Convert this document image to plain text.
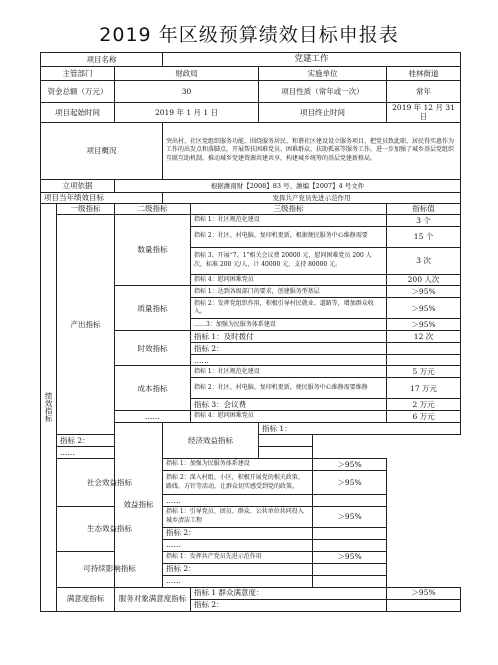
2019 年区级预算绩效目标申报表
项目名称			党建工作					
主管部门		财政局			实施单位		桂林街道	
资金总额（万元）		30			项目性质（常年或一次）		常年	
项目起始时间		2019 年 1 月 1 日			项目终止时间		2019 年 12 月 31 日	
项目概况			突出村、社区党组织服务功能，围绕服务居民、和谐社区建设设立服务项目，把党员致此职、居民得实惠作为工作的出发点和落脚点，开展帮扶困难党员、困难群众、扶助孤寡等服务工作，进一步加强了城乡基层党组织互联互助机制，推动城乡党建资源共建共享，构建城乡统筹的基层党建新格局。					
立项依据		根据潍南财【2008】83 号、潍编【2007】4 号文件						
项目当年绩效目标			发挥共产党员先进示范作用					
绩效指标	一级指标	二级指标		三级指标			指标值	
	产出指标	数量指标		指标 1：社区规范化建设			3 个	
				指标 2：社区、村电脑、复印机更新，根据便民服务中心维修需要			15 个	
				指标 3、开展“7、1”相关会议费 20000 元，慰问困难党员 200 人次，标准 200 元/人，计 40000 元，支持 80000 元。			3 次	
				指标 4：慰问困难党员			200 人次	
		质量指标		指标 1：达到各级部门的要求，创建服务型基层			＞95%	
				指标 2：发挥党组织作用，积极引导村民就业、道路等，增加群众收入。			＞95%	
				……3：加强为民服务体系建设			＞95%	
		时效指标		指标 1：及时拨付			12 次	
				指标 2：				
				……				
		成本指标		指标 1：社区规范化建设			5 万元	
				指标 2：社区、村电脑、复印机更新，便民服务中心维修需要维修			17 万元	
				指标 3：会议费			2 万元	
		……		指标 4：慰问困难党员			6 万元	
		效益指标	经济效益指标		指标 1：			
	指标 2：							
	……							
	社会效益指标		指标 1：加强为民服务体系建设			＞95%		
			指标 2：深入村组、小区，积极开展党的相关政策、路线、方针等活动，让群众切实感受到党的政策。			＞95%		
			……					
	生态效益指标		指标 1：引导党员、团员、群众、公共单位共同投入城乡清洁工程			＞95%		
			指标 2：					
			……					
	可持续影响指标		指标 1：发挥共产党员先进示范作用			＞95%		
			指标 2：					
			……					
	满意度指标	服务对象满意度指标		指标 1 群众满意度：			＞95%	
				指标 2：				
